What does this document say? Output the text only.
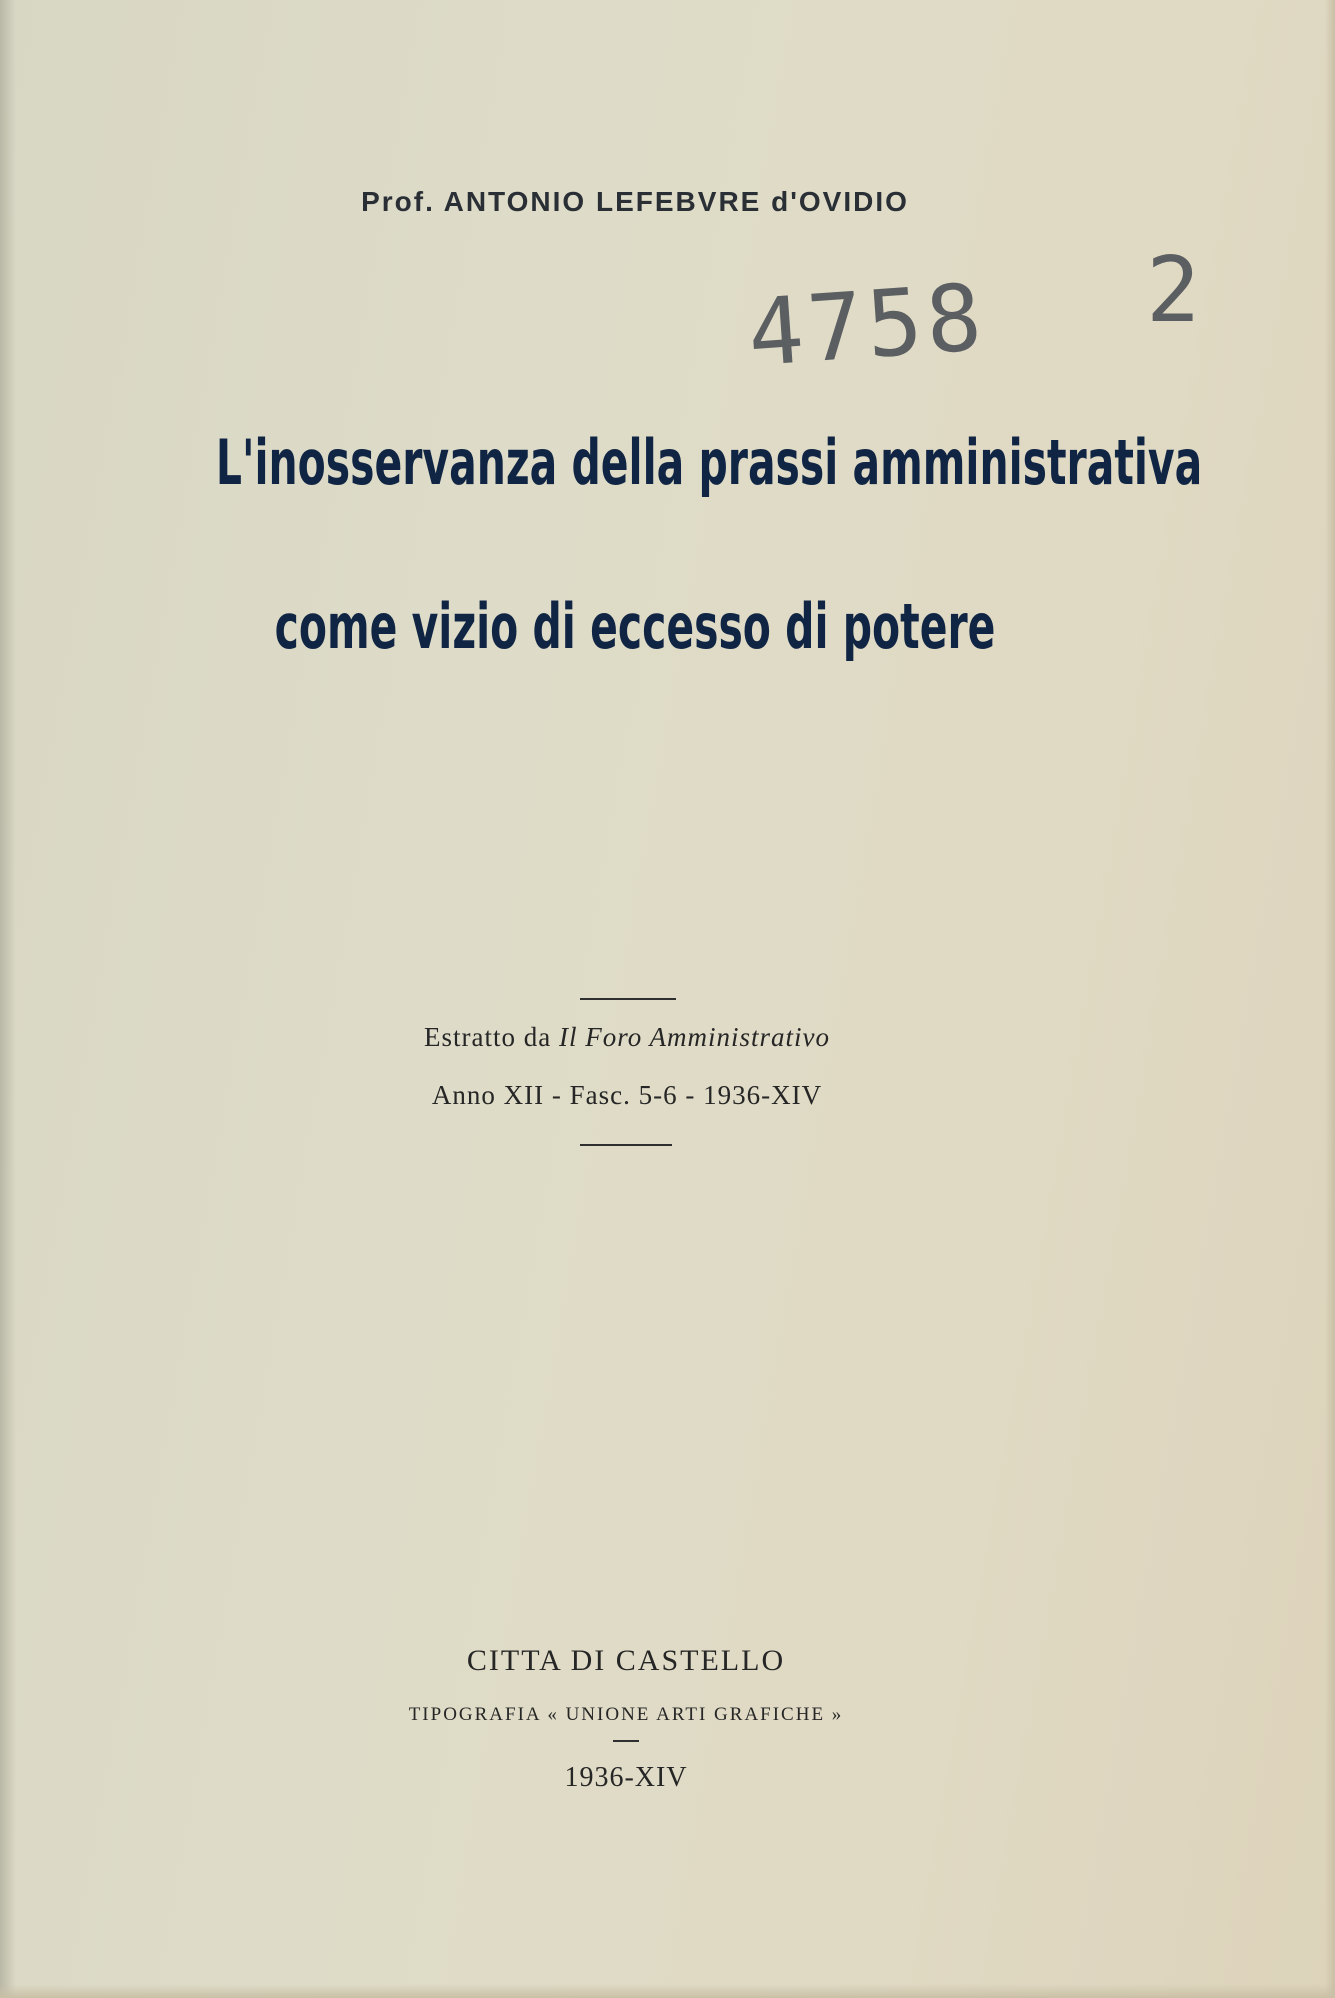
Prof. ANTONIO LEFEBVRE d'OVIDIO
4758 2
L'inosservanza della prassi amministrativa
come vizio di eccesso di potere
Estratto da Il Foro Amministrativo
Anno XII - Fasc. 5-6 - 1936-XIV
CITTA DI CASTELLO
TIPOGRAFIA « UNIONE ARTI GRAFICHE »
1936-XIV
